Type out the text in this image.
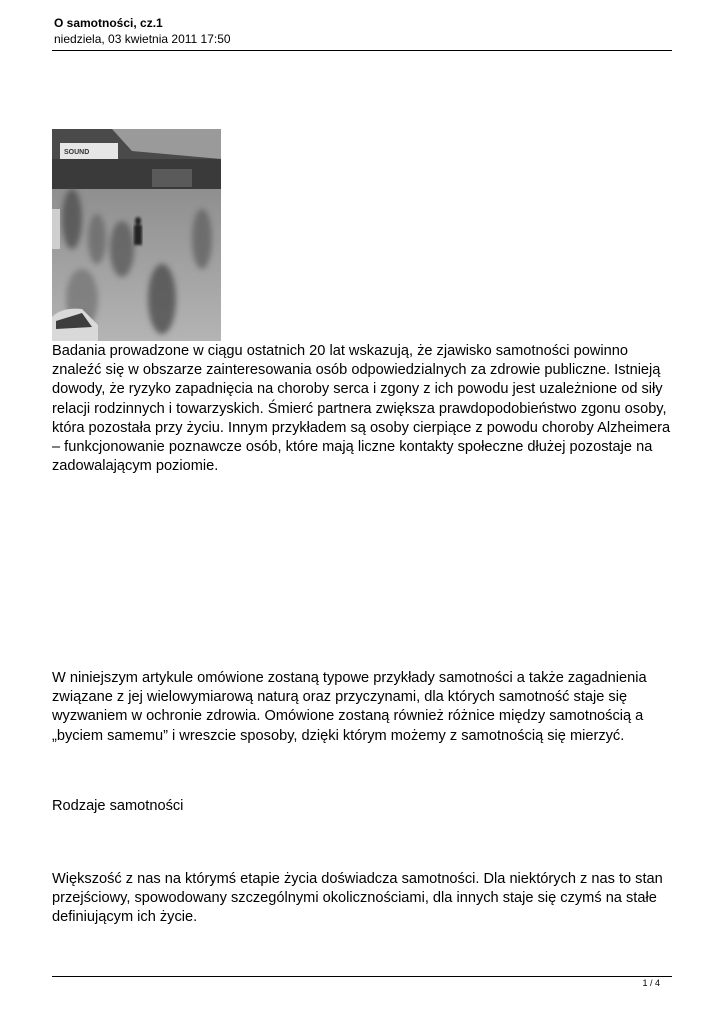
O samotności, cz.1
niedziela, 03 kwietnia 2011 17:50
SOUND

Badania prowadzone w ciągu ostatnich 20 lat wskazują, że zjawisko samotności powinno znaleźć się w obszarze zainteresowania osób odpowiedzialnych za zdrowie publiczne. Istnieją dowody, że ryzyko zapadnięcia na choroby serca i zgony z ich powodu jest uzależnione od siły relacji rodzinnych i towarzyskich. Śmierć partnera zwiększa prawdopodobieństwo zgonu osoby, która pozostała przy życiu. Innym przykładem są osoby cierpiące z powodu choroby Alzheimera – funkcjonowanie poznawcze osób, które mają liczne kontakty społeczne dłużej pozostaje na zadowalającym poziomie.

W niniejszym artykule omówione zostaną typowe przykłady samotności a także zagadnienia związane z jej wielowymiarową naturą oraz przyczynami, dla których samotność staje się wyzwaniem w ochronie zdrowia. Omówione zostaną również różnice między samotnością a „byciem samemu” i wreszcie sposoby, dzięki którym możemy z samotnością się mierzyć.

Rodzaje samotności

Większość z nas na którymś etapie życia doświadcza samotności. Dla niektórych z nas to stan przejściowy, spowodowany szczególnymi okolicznościami, dla innych staje się czymś na stałe definiującym ich życie.

1 / 4
